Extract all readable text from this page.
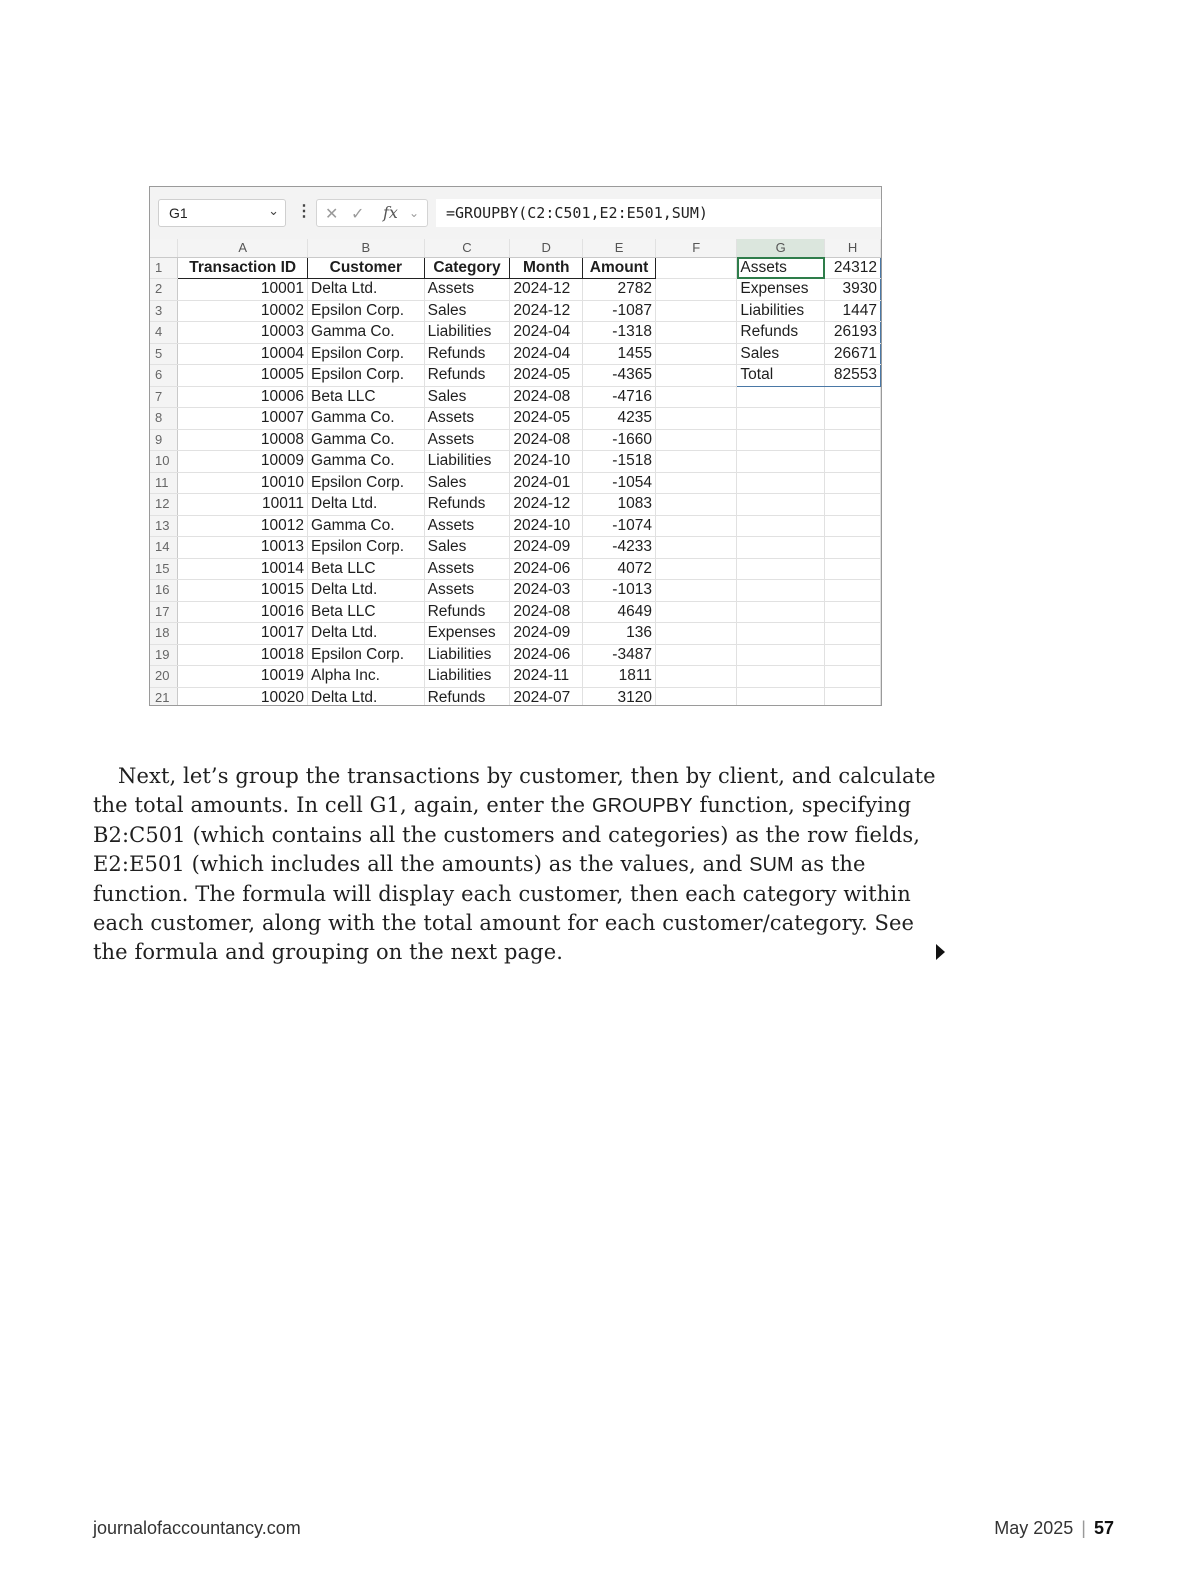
G1	⌄ ⋮ ✕ ✓ fx ⌄ =GROUPBY(C2:C501,E2:E501,SUM)
	A	B	C	D	E	F	G	H
1	Transaction ID	Customer	Category	Month	Amount		Assets	24312
2	10001	Delta Ltd.	Assets	2024-12	2782		Expenses	3930
3	10002	Epsilon Corp.	Sales	2024-12	-1087		Liabilities	1447
4	10003	Gamma Co.	Liabilities	2024-04	-1318		Refunds	26193
5	10004	Epsilon Corp.	Refunds	2024-04	1455		Sales	26671
6	10005	Epsilon Corp.	Refunds	2024-05	-4365		Total	82553
7	10006	Beta LLC	Sales	2024-08	-4716			
8	10007	Gamma Co.	Assets	2024-05	4235			
9	10008	Gamma Co.	Assets	2024-08	-1660			
10	10009	Gamma Co.	Liabilities	2024-10	-1518			
11	10010	Epsilon Corp.	Sales	2024-01	-1054			
12	10011	Delta Ltd.	Refunds	2024-12	1083			
13	10012	Gamma Co.	Assets	2024-10	-1074			
14	10013	Epsilon Corp.	Sales	2024-09	-4233			
15	10014	Beta LLC	Assets	2024-06	4072			
16	10015	Delta Ltd.	Assets	2024-03	-1013			
17	10016	Beta LLC	Refunds	2024-08	4649			
18	10017	Delta Ltd.	Expenses	2024-09	136			
19	10018	Epsilon Corp.	Liabilities	2024-06	-3487			
20	10019	Alpha Inc.	Liabilities	2024-11	1811			
21	10020	Delta Ltd.	Refunds	2024-07	3120			

Next, let’s group the transactions by customer, then by client, and calculate the total amounts. In cell G1, again, enter the GROUPBY function, specifying B2:C501 (which contains all the customers and categories) as the row fields, E2:E501 (which includes all the amounts) as the values, and SUM as the function. The formula will display each customer, then each category within each customer, along with the total amount for each customer/category. See the formula and grouping on the next page.

journalofaccountancy.com	May 2025 | 57
